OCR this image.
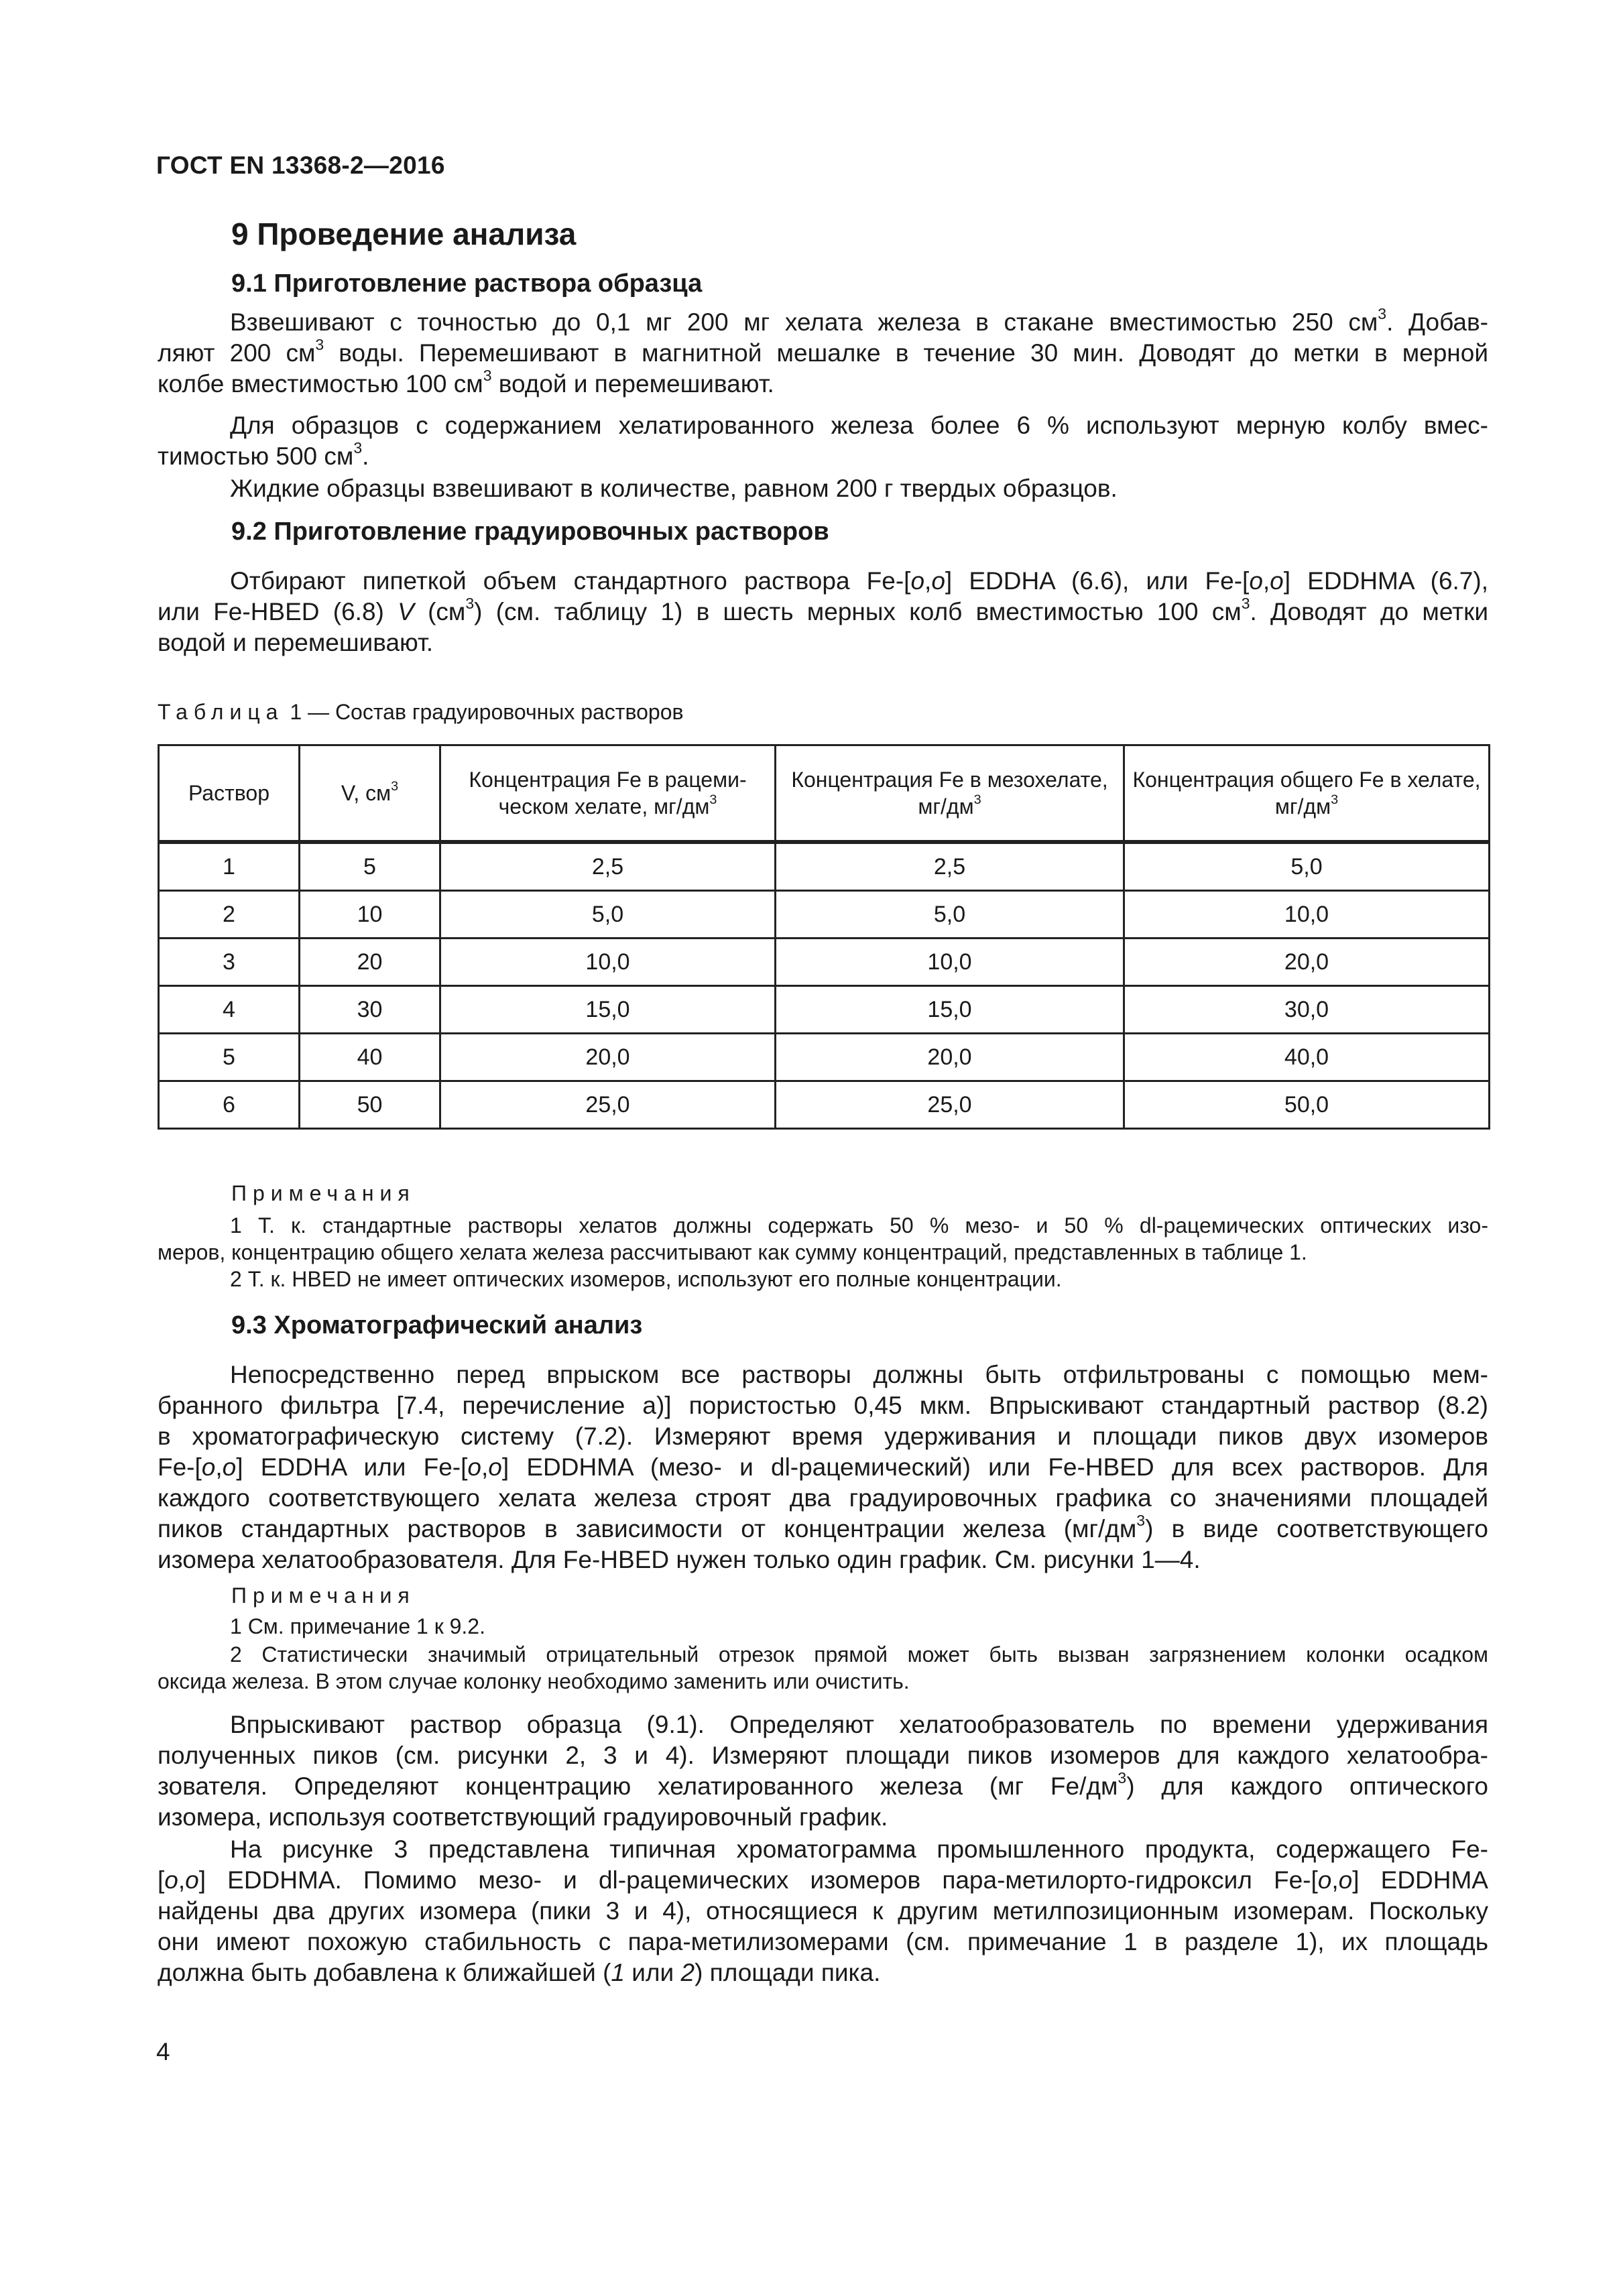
ГОСТ EN 13368-2—2016
9 Проведение анализа
9.1 Приготовление раствора образца
Взвешивают с точностью до 0,1 мг 200 мг хелата железа в стакане вместимостью 250 $см^3$. Добав-
ляют 200 $см^3$ воды. Перемешивают в магнитной мешалке в течение 30 мин. Доводят до метки в мерной
колбе вместимостью 100 $см^3$ водой и перемешивают.
Для образцов с содержанием хелатированного железа более 6 % используют мерную колбу вмес-
тимостью 500 $см^3$.
Жидкие образцы взвешивают в количестве, равном 200 г твердых образцов.
9.2 Приготовление градуировочных растворов
Отбирают пипеткой объем стандартного раствора Fe-[o,o] EDDHA (6.6), или Fe-[o,o] EDDHMA (6.7),
или Fe-HBED (6.8) V $(см^3)$ (см. таблицу 1) в шесть мерных колб вместимостью 100 $см^3$. Доводят до метки
водой и перемешивают.
Таблица 1 — Состав градуировочных растворов
Раствор	V, $см^3$	Концентрация Fe в рацеми-ческом хелате, $мг/дм^3$	Концентрация Fe в мезохелате, $мг/дм^3$	Концентрация общего Fe в хелате, $мг/дм^3$
1	5	2,5	2,5	5,0
2	10	5,0	5,0	10,0
3	20	10,0	10,0	20,0
4	30	15,0	15,0	30,0
5	40	20,0	20,0	40,0
6	50	25,0	25,0	50,0
Примечания
1 Т. к. стандартные растворы хелатов должны содержать 50 % мезо- и 50 % dl-рацемических оптических изо-
меров, концентрацию общего хелата железа рассчитывают как сумму концентраций, представленных в таблице 1.
2 Т. к. HBED не имеет оптических изомеров, используют его полные концентрации.
9.3 Хроматографический анализ
Непосредственно перед впрыском все растворы должны быть отфильтрованы с помощью мем-
бранного фильтра [7.4, перечисление а)] пористостью 0,45 мкм. Впрыскивают стандартный раствор (8.2)
в хроматографическую систему (7.2). Измеряют время удерживания и площади пиков двух изомеров
Fe-[o,o] EDDHA или Fe-[o,o] EDDHMA (мезо- и dl-рацемический) или Fe-HBED для всех растворов. Для
каждого соответствующего хелата железа строят два градуировочных графика со значениями площадей
пиков стандартных растворов в зависимости от концентрации железа $(мг/дм^3)$ в виде соответствующего
изомера хелатообразователя. Для Fe-HBED нужен только один график. См. рисунки 1—4.
Примечания
1 См. примечание 1 к 9.2.
2 Статистически значимый отрицательный отрезок прямой может быть вызван загрязнением колонки осадком
оксида железа. В этом случае колонку необходимо заменить или очистить.
Впрыскивают раствор образца (9.1). Определяют хелатообразователь по времени удерживания
полученных пиков (см. рисунки 2, 3 и 4). Измеряют площади пиков изомеров для каждого хелатообра-
зователя. Определяют концентрацию хелатированного железа (мг $Fe/дм^3$) для каждого оптического
изомера, используя соответствующий градуировочный график.
На рисунке 3 представлена типичная хроматограмма промышленного продукта, содержащего Fe-
[o,o] EDDHMA. Помимо мезо- и dl-рацемических изомеров пара-метилорто-гидроксил Fe-[o,o] EDDHMA
найдены два других изомера (пики 3 и 4), относящиеся к другим метилпозиционным изомерам. Поскольку
они имеют похожую стабильность с пара-метилизомерами (см. примечание 1 в разделе 1), их площадь
должна быть добавлена к ближайшей (1 или 2) площади пика.
4
